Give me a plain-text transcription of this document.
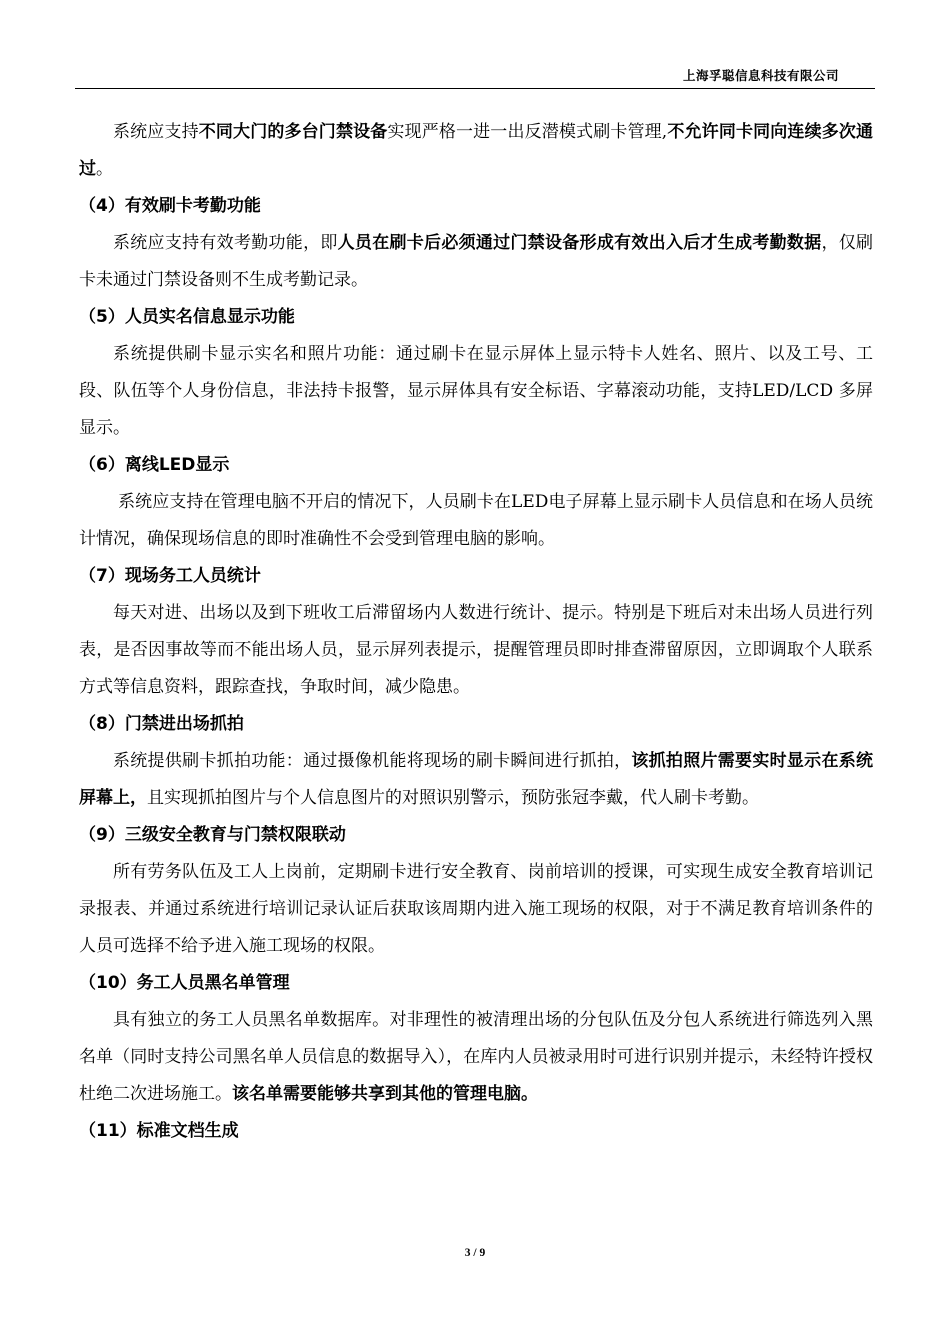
上海孚聪信息科技有限公司

系统应支持不同大门的多台门禁设备实现严格一进一出反潜模式刷卡管理,不允许同卡同向连续多次通过。

（4）有效刷卡考勤功能

系统应支持有效考勤功能，即人员在刷卡后必须通过门禁设备形成有效出入后才生成考勤数据，仅刷卡未通过门禁设备则不生成考勤记录。

（5）人员实名信息显示功能

系统提供刷卡显示实名和照片功能：通过刷卡在显示屏体上显示特卡人姓名、照片、以及工号、工段、队伍等个人身份信息，非法持卡报警，显示屏体具有安全标语、字幕滚动功能，支持LED/LCD 多屏显示。

（6）离线LED显示

系统应支持在管理电脑不开启的情况下，人员刷卡在LED电子屏幕上显示刷卡人员信息和在场人员统计情况，确保现场信息的即时准确性不会受到管理电脑的影响。

（7）现场务工人员统计

每天对进、出场以及到下班收工后滞留场内人数进行统计、提示。特别是下班后对未出场人员进行列表，是否因事故等而不能出场人员，显示屏列表提示，提醒管理员即时排查滞留原因，立即调取个人联系方式等信息资料，跟踪查找，争取时间，减少隐患。

（8）门禁进出场抓拍

系统提供刷卡抓拍功能：通过摄像机能将现场的刷卡瞬间进行抓拍，该抓拍照片需要实时显示在系统屏幕上，且实现抓拍图片与个人信息图片的对照识别警示，预防张冠李戴，代人刷卡考勤。

（9）三级安全教育与门禁权限联动

所有劳务队伍及工人上岗前，定期刷卡进行安全教育、岗前培训的授课，可实现生成安全教育培训记录报表、并通过系统进行培训记录认证后获取该周期内进入施工现场的权限，对于不满足教育培训条件的人员可选择不给予进入施工现场的权限。

（10）务工人员黑名单管理

具有独立的务工人员黑名单数据库。对非理性的被清理出场的分包队伍及分包人系统进行筛选列入黑名单（同时支持公司黑名单人员信息的数据导入），在库内人员被录用时可进行识别并提示，未经特许授权杜绝二次进场施工。该名单需要能够共享到其他的管理电脑。

（11）标准文档生成

3 / 9
